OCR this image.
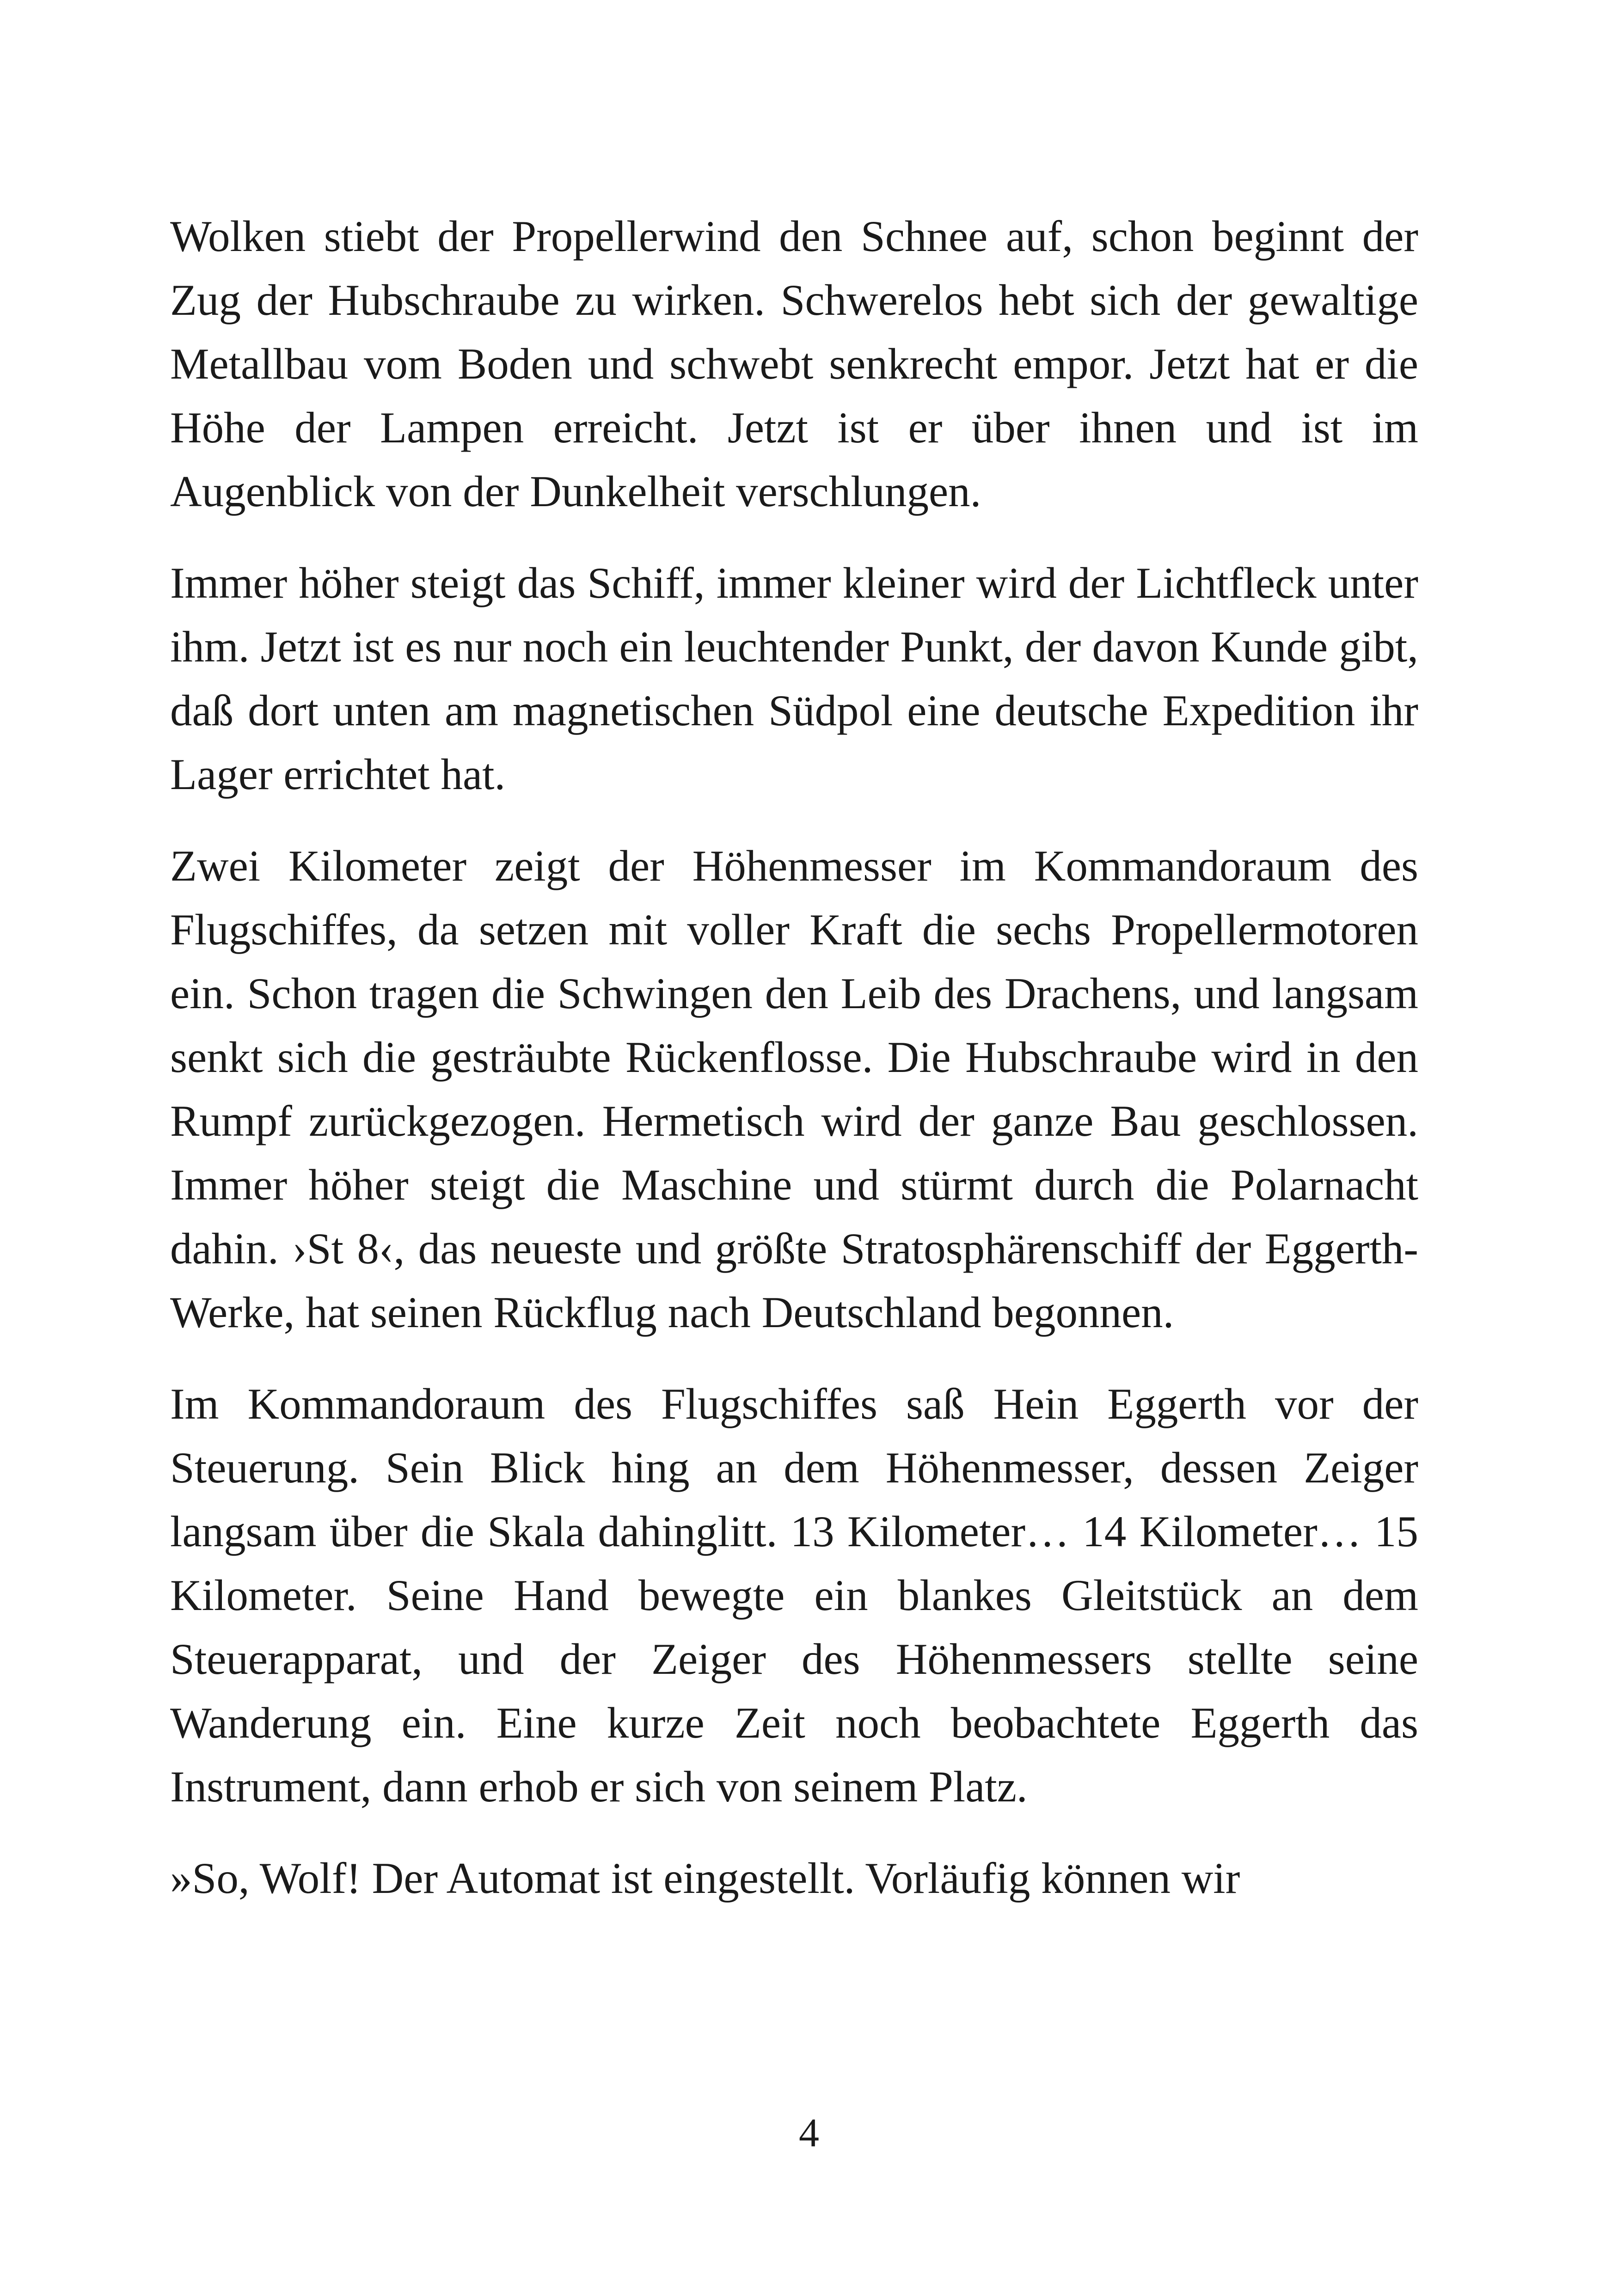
Wolken stiebt der Propellerwind den Schnee auf, schon beginnt der Zug der Hubschraube zu wirken. Schwerelos hebt sich der gewaltige Metallbau vom Boden und schwebt senkrecht empor. Jetzt hat er die Höhe der Lampen erreicht. Jetzt ist er über ihnen und ist im Augenblick von der Dunkelheit verschlungen.

Immer höher steigt das Schiff, immer kleiner wird der Lichtfleck unter ihm. Jetzt ist es nur noch ein leuchtender Punkt, der davon Kunde gibt, daß dort unten am magnetischen Südpol eine deutsche Expedition ihr Lager errichtet hat.

Zwei Kilometer zeigt der Höhenmesser im Kommandoraum des Flugschiffes, da setzen mit voller Kraft die sechs Propellermotoren ein. Schon tragen die Schwingen den Leib des Drachens, und langsam senkt sich die gesträubte Rückenflosse. Die Hubschraube wird in den Rumpf zurückgezogen. Hermetisch wird der ganze Bau geschlossen. Immer höher steigt die Maschine und stürmt durch die Polarnacht dahin. ›St 8‹, das neueste und größte Stratosphärenschiff der Eggerth-Werke, hat seinen Rückflug nach Deutschland begonnen.

Im Kommandoraum des Flugschiffes saß Hein Eggerth vor der Steuerung. Sein Blick hing an dem Höhenmesser, dessen Zeiger langsam über die Skala dahinglitt. 13 Kilometer… 14 Kilometer… 15 Kilometer. Seine Hand bewegte ein blankes Gleitstück an dem Steuerapparat, und der Zeiger des Höhenmessers stellte seine Wanderung ein. Eine kurze Zeit noch beobachtete Eggerth das Instrument, dann erhob er sich von seinem Platz.

»So, Wolf! Der Automat ist eingestellt. Vorläufig können wir

4
